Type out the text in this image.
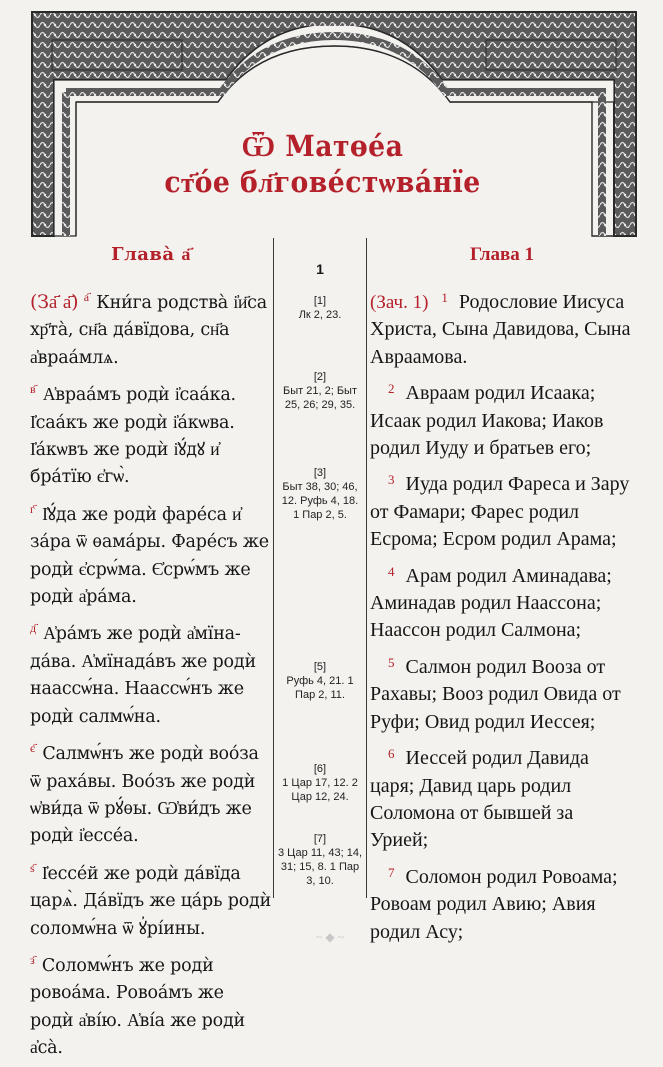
Ѿ Матөе́а
ст҃о́е бл҃гове́стѡва́нїе
Глава̀ а҃
(За҃ а҃) $^{а҃}$ Кни́га родства̀ і҆и҃са хр҃та̀, сн҃а да́вїдова, сн҃а а҆враа́млѧ.
$^{в҃}$ А҆враа́мъ родѝ і҆саа́ка. І҆саа́къ же родѝ і҆а́кѡва. І҆а́кѡвъ же родѝ і҆ꙋ́дꙋ и҆ бра́тїю є҆гѡ̀.
$^{г҃}$ І҆ꙋ́да же родѝ фаре́са и҆ за́ра ѿ ѳама́ры. Фаре́съ же родѝ є҆срѡ́ма. Є҆срѡ́мъ же родѝ а҆ра́ма.
$^{д҃}$ А҆ра́мъ же родѝ а҆мїнада́ва. А҆мїнада́въ же родѝ наассѡ́на. Наассѡ́нъ же родѝ салмѡ́на.
$^{є҃}$ Салмѡ́нъ же родѝ воо́за ѿ раха́вы. Воо́зъ же родѝ ѡ҆ви́да ѿ рꙋ́ѳы. Ѡ҆ви́дъ же родѝ і҆ессе́а.
$^{ѕ҃}$ І҆ессе́й же родѝ да́вїда царѧ̀. Да́вїдъ же ца́рь родѝ соломѡ́на ѿ ꙋ҆рі́ины.
$^{з҃}$ Соломѡ́нъ же родѝ ровоа́ма. Ровоа́мъ же родѝ а҆ві́ю. А҆ві́а же родѝ а҆са̀.
1
[1]
Лк 2, 23.
[2]
Быт 21, 2; Быт 25, 26; 29, 35.
[3]
Быт 38, 30; 46, 12. Руфь 4, 18. 1 Пар 2, 5.
[5]
Руфь 4, 21. 1 Пар 2, 11.
[6]
1 Цар 17, 12. 2 Цар 12, 24.
[7]
3 Цар 11, 43; 14, 31; 15, 8. 1 Пар 3, 10.
Глава 1
(Зач. 1) $^1$ Родословие Иисуса Христа, Сына Давидова, Сына Авраамова.
$^2$ Авраам родил Исаака; Исаак родил Иакова; Иаков родил Иуду и братьев его;
$^3$ Иуда родил Фареса и Зару от Фамари; Фарес родил Есрома; Есром родил Арама;
$^4$ Арам родил Аминадава; Аминадав родил Наассона; Наассон родил Салмона;
$^5$ Салмон родил Вооза от Рахавы; Вооз родил Овида от Руфи; Овид родил Иессея;
$^6$ Иессей родил Давида царя; Давид царь родил Соломона от бывшей за Урией;
$^7$ Соломон родил Ровоама; Ровоам родил Авию; Авия родил Асу;
~ ◆ ~
